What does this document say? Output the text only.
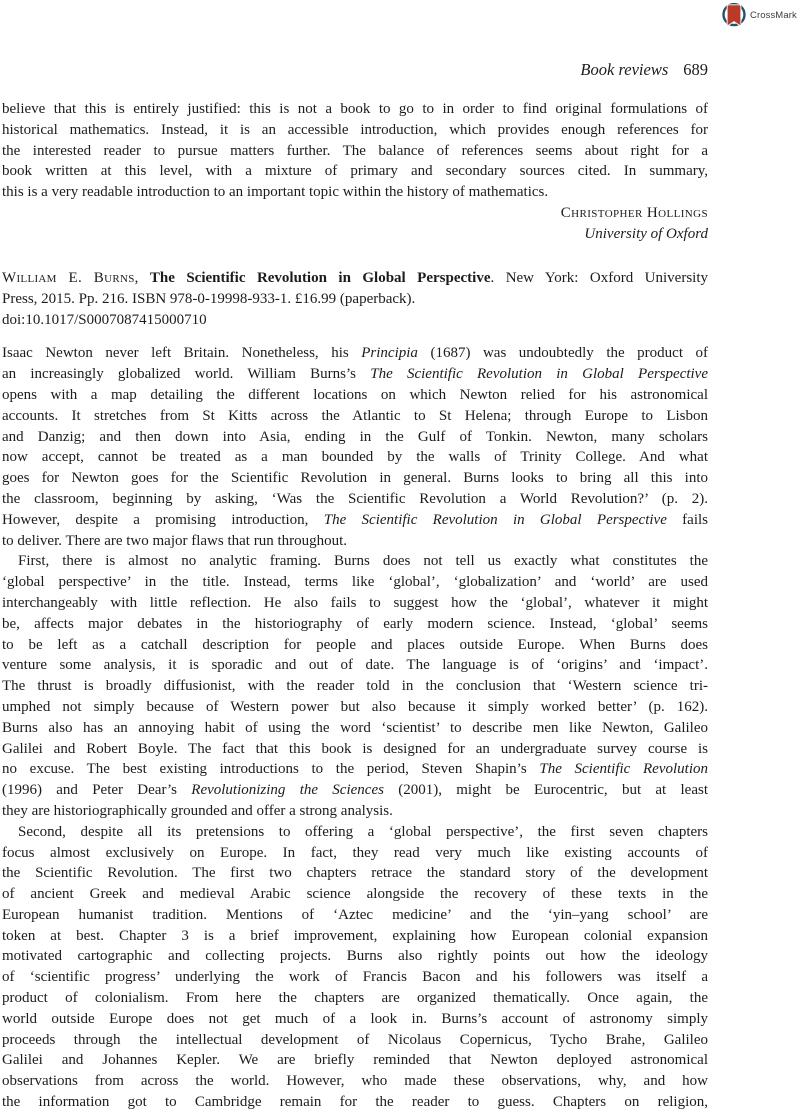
CrossMark
Book reviews 689
believe that this is entirely justified: this is not a book to go to in order to find original formulations of
historical mathematics. Instead, it is an accessible introduction, which provides enough references for
the interested reader to pursue matters further. The balance of references seems about right for a
book written at this level, with a mixture of primary and secondary sources cited. In summary,
this is a very readable introduction to an important topic within the history of mathematics.
Christopher Hollings
University of Oxford
William E. Burns, The Scientific Revolution in Global Perspective. New York: Oxford University
Press, 2015. Pp. 216. ISBN 978-0-19998-933-1. £16.99 (paperback).
doi:10.1017/S0007087415000710
Isaac Newton never left Britain. Nonetheless, his Principia (1687) was undoubtedly the product of
an increasingly globalized world. William Burns’s The Scientific Revolution in Global Perspective
opens with a map detailing the different locations on which Newton relied for his astronomical
accounts. It stretches from St Kitts across the Atlantic to St Helena; through Europe to Lisbon
and Danzig; and then down into Asia, ending in the Gulf of Tonkin. Newton, many scholars
now accept, cannot be treated as a man bounded by the walls of Trinity College. And what
goes for Newton goes for the Scientific Revolution in general. Burns looks to bring all this into
the classroom, beginning by asking, ‘Was the Scientific Revolution a World Revolution?’ (p. 2).
However, despite a promising introduction, The Scientific Revolution in Global Perspective fails
to deliver. There are two major flaws that run throughout.
First, there is almost no analytic framing. Burns does not tell us exactly what constitutes the
‘global perspective’ in the title. Instead, terms like ‘global’, ‘globalization’ and ‘world’ are used
interchangeably with little reflection. He also fails to suggest how the ‘global’, whatever it might
be, affects major debates in the historiography of early modern science. Instead, ‘global’ seems
to be left as a catchall description for people and places outside Europe. When Burns does
venture some analysis, it is sporadic and out of date. The language is of ‘origins’ and ‘impact’.
The thrust is broadly diffusionist, with the reader told in the conclusion that ‘Western science tri-
umphed not simply because of Western power but also because it simply worked better’ (p. 162).
Burns also has an annoying habit of using the word ‘scientist’ to describe men like Newton, Galileo
Galilei and Robert Boyle. The fact that this book is designed for an undergraduate survey course is
no excuse. The best existing introductions to the period, Steven Shapin’s The Scientific Revolution
(1996) and Peter Dear’s Revolutionizing the Sciences (2001), might be Eurocentric, but at least
they are historiographically grounded and offer a strong analysis.
Second, despite all its pretensions to offering a ‘global perspective’, the first seven chapters
focus almost exclusively on Europe. In fact, they read very much like existing accounts of
the Scientific Revolution. The first two chapters retrace the standard story of the development
of ancient Greek and medieval Arabic science alongside the recovery of these texts in the
European humanist tradition. Mentions of ‘Aztec medicine’ and the ‘yin–yang school’ are
token at best. Chapter 3 is a brief improvement, explaining how European colonial expansion
motivated cartographic and collecting projects. Burns also rightly points out how the ideology
of ‘scientific progress’ underlying the work of Francis Bacon and his followers was itself a
product of colonialism. From here the chapters are organized thematically. Once again, the
world outside Europe does not get much of a look in. Burns’s account of astronomy simply
proceeds through the intellectual development of Nicolaus Copernicus, Tycho Brahe, Galileo
Galilei and Johannes Kepler. We are briefly reminded that Newton deployed astronomical
observations from across the world. However, who made these observations, why, and how
the information got to Cambridge remain for the reader to guess. Chapters on religion,
